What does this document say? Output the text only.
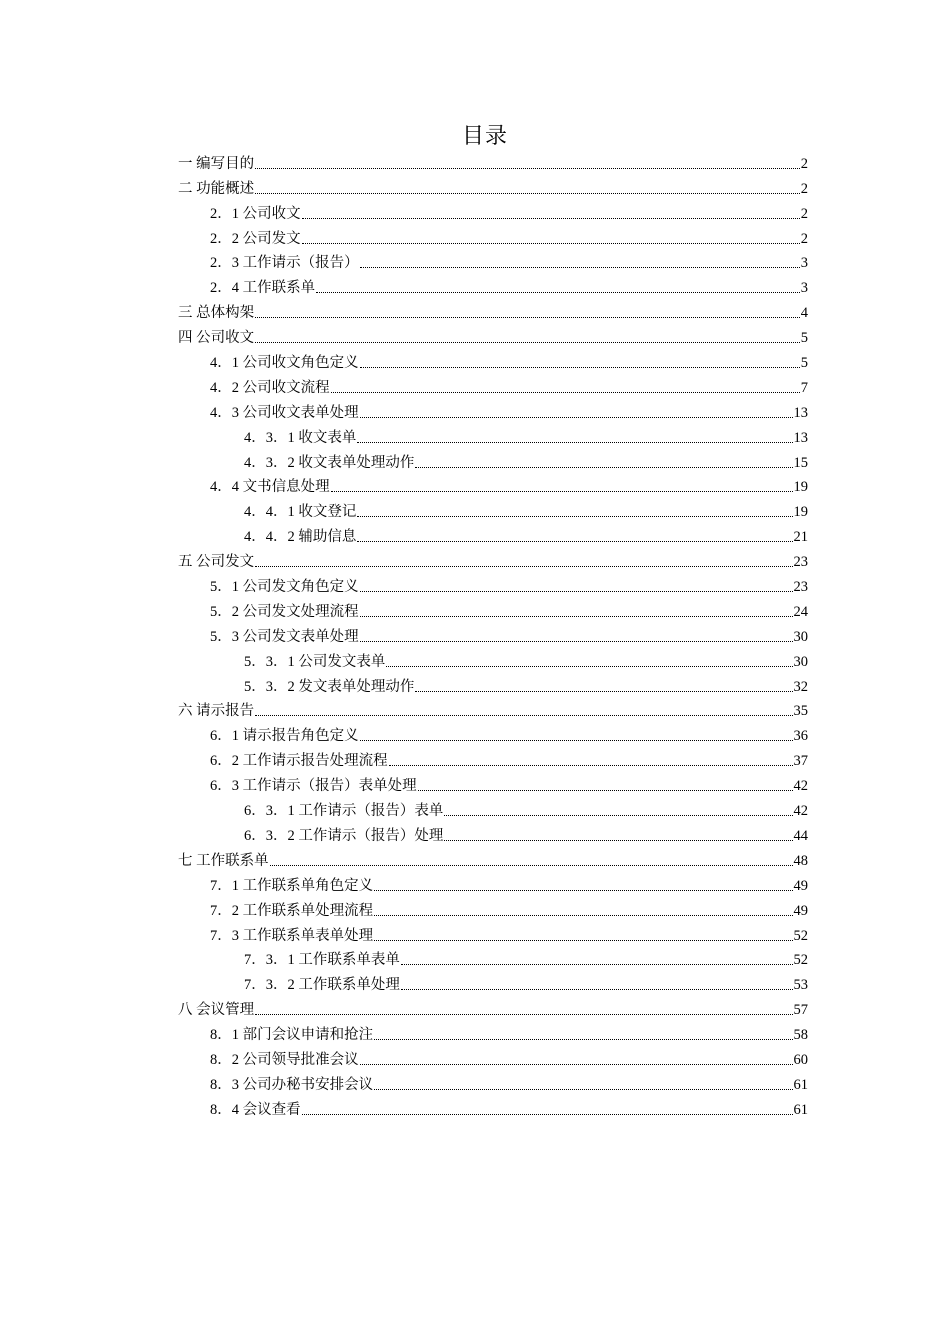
目录
一 编写目的	2
二 功能概述	2
2．1 公司收文	2
2．2 公司发文	2
2．3 工作请示（报告）	3
2．4 工作联系单	3
三 总体构架	4
四 公司收文	5
4．1 公司收文角色定义	5
4．2 公司收文流程	7
4．3 公司收文表单处理	13
4．3．1 收文表单	13
4．3．2 收文表单处理动作	15
4．4 文书信息处理	19
4．4．1 收文登记	19
4．4．2 辅助信息	21
五 公司发文	23
5．1 公司发文角色定义	23
5．2 公司发文处理流程	24
5．3 公司发文表单处理	30
5．3．1 公司发文表单	30
5．3．2 发文表单处理动作	32
六 请示报告	35
6．1 请示报告角色定义	36
6．2 工作请示报告处理流程	37
6．3 工作请示（报告）表单处理	42
6．3．1 工作请示（报告）表单	42
6．3．2 工作请示（报告）处理	44
七 工作联系单	48
7．1 工作联系单角色定义	49
7．2 工作联系单处理流程	49
7．3 工作联系单表单处理	52
7．3．1 工作联系单表单	52
7．3．2 工作联系单处理	53
八 会议管理	57
8．1 部门会议申请和抢注	58
8．2 公司领导批准会议	60
8．3 公司办秘书安排会议	61
8．4 会议查看	61
